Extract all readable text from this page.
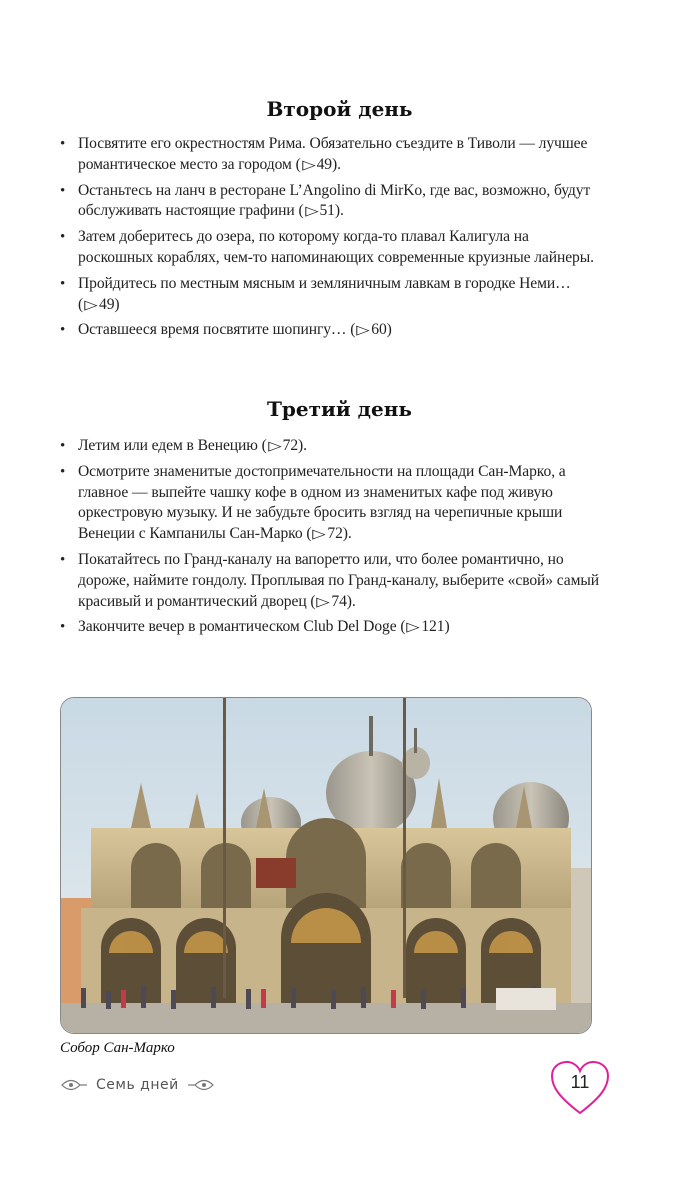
Второй день
• Посвятите его окрестностям Рима. Обязательно съездите в Тиволи — лучшее романтическое место за городом (▷49).
• Останьтесь на ланч в ресторане L’Angolino di MirKo, где вас, возможно, будут обслуживать настоящие графини (▷51).
• Затем доберитесь до озера, по которому когда-то плавал Калигула на роскошных кораблях, чем-то напоминающих современные круизные лайнеры.
• Пройдитесь по местным мясным и земляничным лавкам в городке Неми… (▷49)
• Оставшееся время посвятите шопингу… (▷60)
Третий день
• Летим или едем в Венецию (▷72).
• Осмотрите знаменитые достопримечательности на площади Сан-Марко, а главное — выпейте чашку кофе в одном из знаменитых кафе под живую оркестровую музыку. И не забудьте бросить взгляд на черепичные крыши Венеции с Кампанилы Сан-Марко (▷72).
• Покатайтесь по Гранд-каналу на вапоретто или, что более романтично, но дороже, наймите гондолу. Проплывая по Гранд-каналу, выберите «свой» самый красивый и романтический дворец (▷74).
• Закончите вечер в романтическом Club Del Doge (▷121)
Собор Сан-Марко
Семь дней	11
